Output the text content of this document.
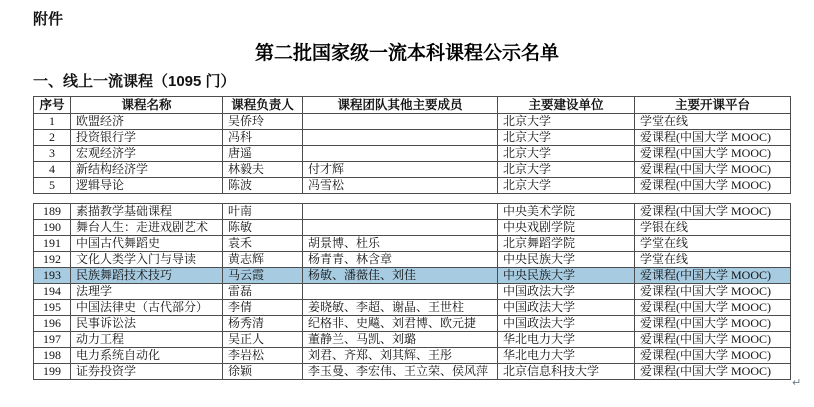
附件
第二批国家级一流本科课程公示名单
一、线上一流课程（1095 门）
序号	课程名称	课程负责人	课程团队其他主要成员	主要建设单位	主要开课平台
1	欧盟经济	吴侨玲		北京大学	学堂在线
2	投资银行学	冯科		北京大学	爱课程(中国大学 MOOC)
3	宏观经济学	唐遥		北京大学	爱课程(中国大学 MOOC)
4	新结构经济学	林毅夫	付才辉	北京大学	爱课程(中国大学 MOOC)
5	逻辑导论	陈波	冯雪松	北京大学	爱课程(中国大学 MOOC)
189	素描教学基础课程	叶南		中央美术学院	爱课程(中国大学 MOOC)
190	舞台人生：走进戏剧艺术	陈敏		中央戏剧学院	学银在线
191	中国古代舞蹈史	袁禾	胡景博、杜乐	北京舞蹈学院	学堂在线
192	文化人类学入门与导读	黄志辉	杨青青、林含章	中央民族大学	学堂在线
193	民族舞蹈技术技巧	马云霞	杨敏、潘薇佳、刘佳	中央民族大学	爱课程(中国大学 MOOC)
194	法理学	雷磊		中国政法大学	爱课程(中国大学 MOOC)
195	中国法律史（古代部分）	李倩	姜晓敏、李超、谢晶、王世柱	中国政法大学	爱课程(中国大学 MOOC)
196	民事诉讼法	杨秀清	纪格非、史飚、刘君博、欧元捷	中国政法大学	爱课程(中国大学 MOOC)
197	动力工程	吴正人	董静兰、马凯、刘璐	华北电力大学	爱课程(中国大学 MOOC)
198	电力系统自动化	李岩松	刘君、齐郑、刘其辉、王彤	华北电力大学	爱课程(中国大学 MOOC)
199	证券投资学	徐颖	李玉曼、李宏伟、王立荣、侯风萍	北京信息科技大学	爱课程(中国大学 MOOC)
↵
